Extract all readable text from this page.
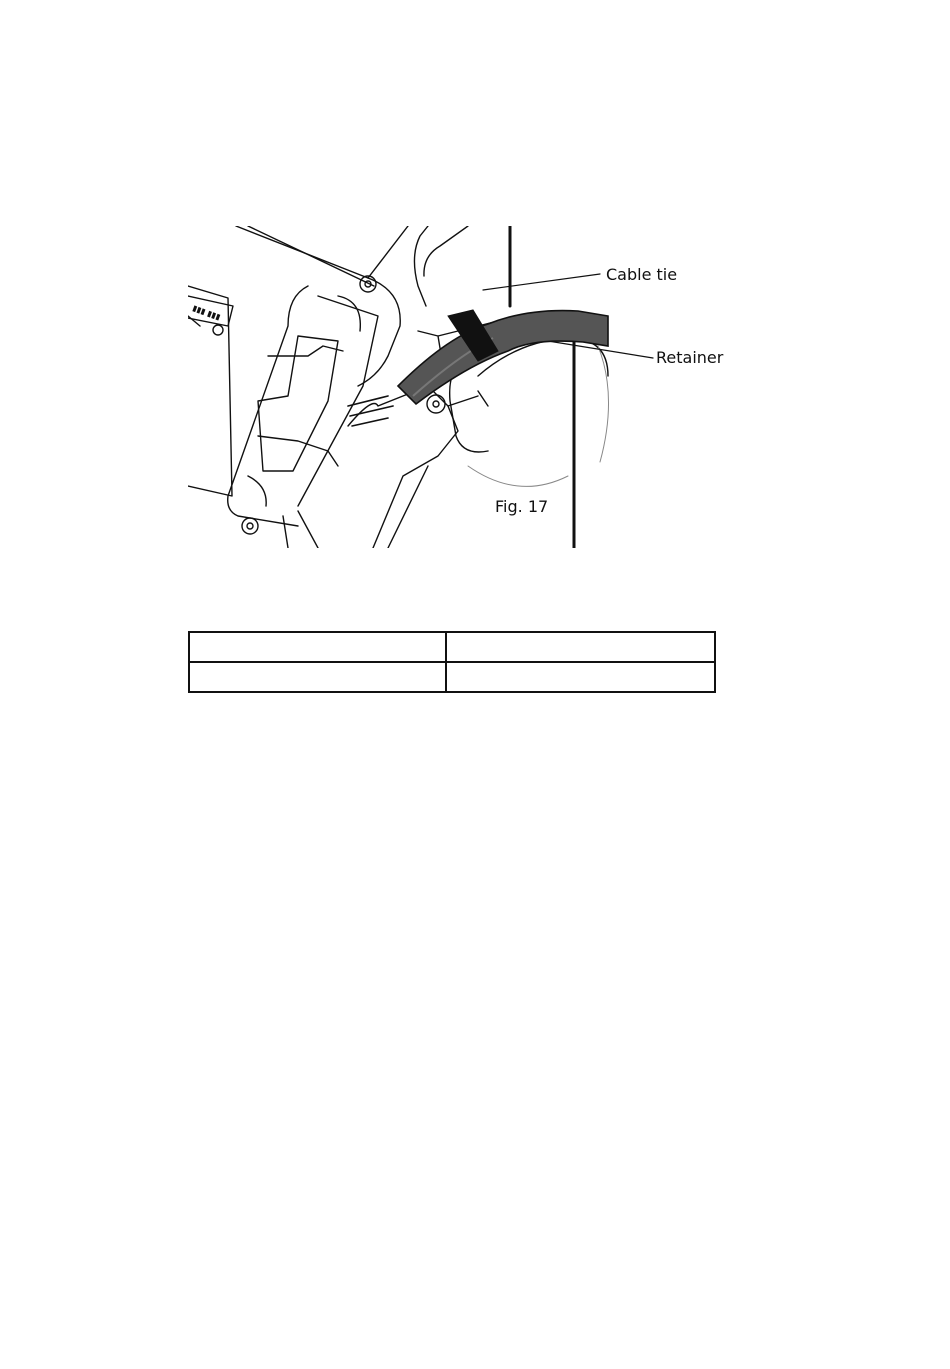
▮▮▮ ▮▮▮
Cable tie
Retainer
Fig. 17
